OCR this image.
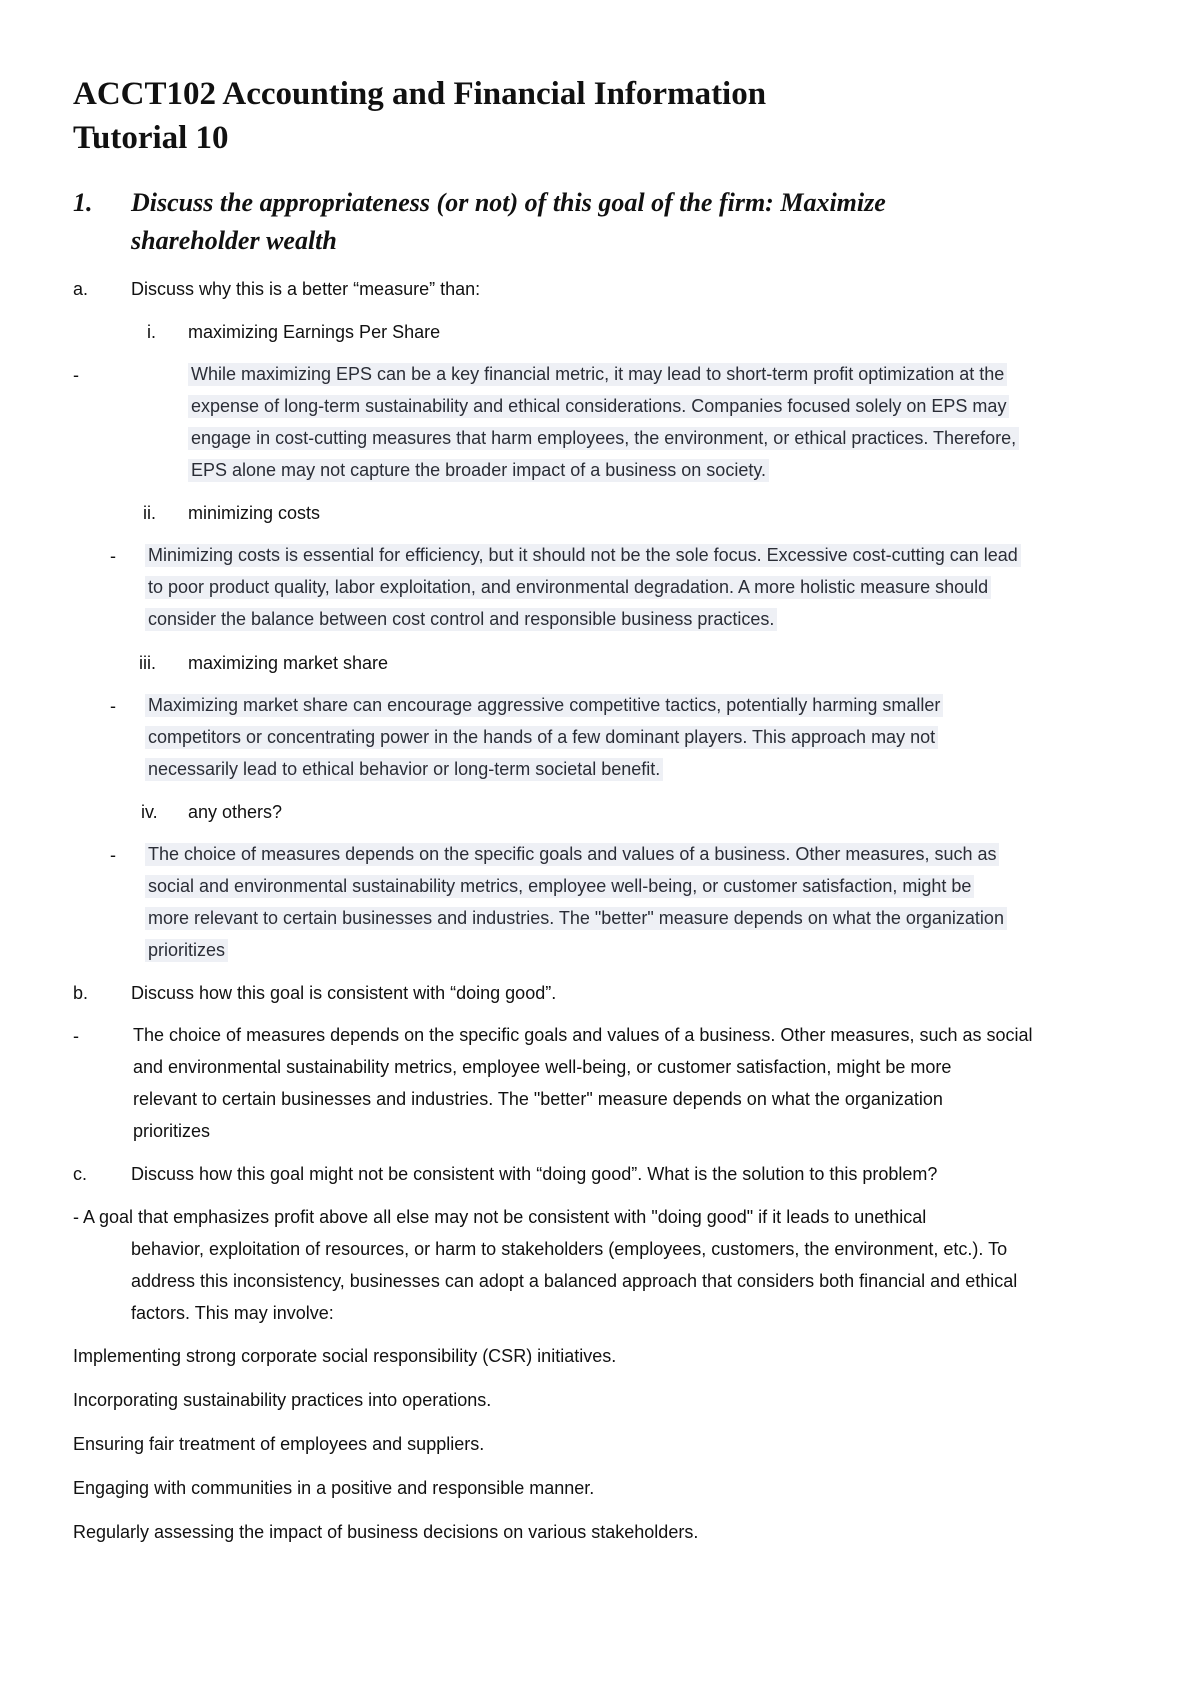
ACCT102 Accounting and Financial Information
Tutorial 10
1. Discuss the appropriateness (or not) of this goal of the firm: Maximize
shareholder wealth
a. Discuss why this is a better “measure” than:
i. maximizing Earnings Per Share
-	While maximizing EPS can be a key financial metric, it may lead to short-term profit optimization at the
expense of long-term sustainability and ethical considerations. Companies focused solely on EPS may
engage in cost-cutting measures that harm employees, the environment, or ethical practices. Therefore,
EPS alone may not capture the broader impact of a business on society.
ii. minimizing costs
- Minimizing costs is essential for efficiency, but it should not be the sole focus. Excessive cost-cutting can lead
to poor product quality, labor exploitation, and environmental degradation. A more holistic measure should
consider the balance between cost control and responsible business practices.
iii. maximizing market share
- Maximizing market share can encourage aggressive competitive tactics, potentially harming smaller
competitors or concentrating power in the hands of a few dominant players. This approach may not
necessarily lead to ethical behavior or long-term societal benefit.
iv. any others?
- The choice of measures depends on the specific goals and values of a business. Other measures, such as
social and environmental sustainability metrics, employee well-being, or customer satisfaction, might be
more relevant to certain businesses and industries. The "better" measure depends on what the organization
prioritizes
b. Discuss how this goal is consistent with “doing good”.
-	The choice of measures depends on the specific goals and values of a business. Other measures, such as social
and environmental sustainability metrics, employee well-being, or customer satisfaction, might be more
relevant to certain businesses and industries. The "better" measure depends on what the organization
prioritizes
c. Discuss how this goal might not be consistent with “doing good”. What is the solution to this problem?
- A goal that emphasizes profit above all else may not be consistent with "doing good" if it leads to unethical
behavior, exploitation of resources, or harm to stakeholders (employees, customers, the environment, etc.). To
address this inconsistency, businesses can adopt a balanced approach that considers both financial and ethical
factors. This may involve:
Implementing strong corporate social responsibility (CSR) initiatives.
Incorporating sustainability practices into operations.
Ensuring fair treatment of employees and suppliers.
Engaging with communities in a positive and responsible manner.
Regularly assessing the impact of business decisions on various stakeholders.
